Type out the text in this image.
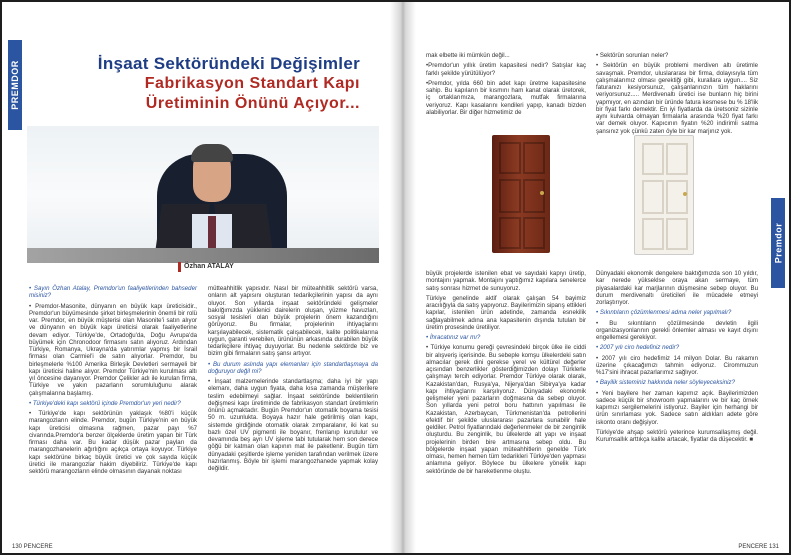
PREMDOR
Premdor
İnşaat Sektöründeki Değişimler
Fabrikasyon Standart Kapı
Üretiminin Önünü Açıyor...
Özhan ATALAY

• Sayın Özhan Atalay, Premdor'un faaliyetlerinden bahseder misiniz?

• Premdor-Masonite, dünyanın en büyük kapı üreticisidir., Premdor'un büyümesinde şirket birleşmelerinin önemli bir rolü var. Premdor, en büyük müşterisi olan Masonite'i satın alıyor ve dünyanın en büyük kapı üreticisi olarak faaliyetlerine devam ediyor. Türkiye'de, Ortadoğu'da, Doğu Avrupa'da büyümek için Chronodoor firmasını satın alıyoruz. Ardından Türkiye, Romanya, Ukrayna'da yatırımlar yapmış bir İsrail firması olan Carmiel'i de satın alıyorlar. Premdor, bu birleşmelerle %100 Amerika Birleşik Devletleri sermayeli bir kapı üreticisi haline alıyor. Premdor Türkiye'nin kurulması altı yıl öncesine dayanıyor. Premdor Çelikler adı ile kurulan firma, Türkiye ve yakın pazarların sorumluluğunu alarak çalışmalarına başlamış.

• Türkiye'deki kapı sektörü içinde Premdor'un yeri nedir?

• Türkiye'de kapı sektörünün yaklaşık %80'i küçük marangozların elinde. Premdor, bugün Türkiye'nin en büyük kapı üreticisi olmasına rağmen, pazar payı %7 civarında.Premdor'a benzer ölçeklerde üretim yapan bir Türk firması daha var. Bu kadar düşük pazar payları da marangozhanelerin ağırlığını açıkça ortaya koyuyor. Türkiye kapı sektörüne birkaç büyük üretici ve çok sayıda küçük üretici ile marangozlar hakim diyebiliriz. Türkiye'de kapı sektörü marangozların elinde olmasının dayanak noktası

mütteahhitlik yapısıdır. Nasıl bir müteahhitlik sektörü varsa, onların alt yapısını oluşturan tedarikçilerinin yapısı da aynı oluyor. Son yıllarda inşaat sektöründeki gelişmeler bakılğımızda yüklenici dairelerin oluşan, yüzme havuzları, sosyal tesisleri olan büyük projelerin önem kazandığını görüyoruz. Bu firmalar, projelerinin ihtiyaçlarını karşılayabilecek, sistematik çalışabilecek, kalite politikalarına uygun, garanti verebilen, ürününün arkasında durabilen büyük tedarikçilere ihtiyaç duyuyorlar. Bu nedenle sektörde biz ve bizim gibi firmaların satış şansı artıyor.

• Bu durum aslında yapı elemanları için standartlaşmaya da doğuruyor değil mi?

• İnşaat malzemelerinde standartlaşma; daha iyi bir yapı elemanı, daha uygun fiyata, daha kısa zamanda müşterilere teslim edebilmeyi sağlar. İnşaat sektöründe beklentilerin değişmesi kapı üretiminde de fabrikasyon standart üretimlerin önünü açmaktadır. Bugün Premdor'un otomatik boyama tesisi 50 m. uzunlukta. Boyaya hazır hale getirilmiş olan kapı, sistemde girdiğinde otomatik olarak zımparalanır, iki kat su bazlı özel UV pigmenti ile boyanır, frenlanıp kurutulur ve devamında beş ayrı UV işleme tabi tutularak hem son derece göğü bir katman olan kapının mat ile paketlenir. Bugün tüm dünyadaki çeşitlerde işleme yeniden tarafından verilmek üzere hazırlanmış. Böyle bir işlemi marangozhanede yapmak kolay değildir.

mak elbette iki mümkün değil...

•Premdor'un yıllık üretim kapasitesi nedir? Satışlar kaç farklı şekilde yürütülüyor?

•Premdor, yılda 660 bin adet kapı üretme kapasitesine sahip. Bu kapıların bir kısmını ham kanat olarak üretorek, iç ortaklarımıza, marangozlara, mutfak firmalarına veriyoruz. Kapı kasalarını kendileri yapıp, kanadı bizden alabiliyorlar. Bir diğer hizmetimiz de

• Sektörün sorunları neler?

• Sektörün en büyük problemi merdiven altı üretimle savaşmak. Premdor, uluslararası bir firma, dolayısıyla tüm çalışmalarımız olması gerektiği gibi, kurallara uygun.... Siz faturanızı kesiyorsunuz, çalışanlarınızın tüm haklarını veriyorsunuz..... Merdivenaltı üretici ise bunların hiç birini yapmıyor, en azından bir üründe fatura kesmese bu % 18'lik bir fiyat farkı demektir. En iyi fiyatlarda da üretsoniz sizinle aynı kulvarda olmayan firmalarla arasında %20 fiyat farkı var demek oluyor. Kapıcının fiyatın %20 indirimli satma şansınız yok çünkü zaten öyle bir kar marjınız yok.

büyük projelerde istenilen ebat ve sayıdaki kapıyı üretip, montajını yapmak. Montajını yaptığımız kapılara senelerce satış sonrası hizmet de sunuyoruz.

Türkiye genelinde aktif olarak çalışan 54 bayimiz aracılığıyla da satış yapıyoruz. Bayilerimizin siparış ettikleri kapılar, istenilen ürün adetinde, zamanda esnekilik sağlayabilmek adına ana kapasitenin dışında tutulan bir üretim prosesinde üretiliyor.

• İhracatınız var mı?

• Türkiye konumu gereği çevresindeki birçok ülke ile ciddi bir alışveriş içerisinde. Bu sebeple komşu ülkelerdeki satın almacılar gerek dini gerekse yerel ve kültürel değerler açısından benzerlikler gösterdiğimizden dolayı Türklerle çalışmayı tercih ediyorlar. Premdor Türkiye olarak olarak, Kazakistan'dan, Rusya'ya, Nijerya'dan Sibirya'ya kadar kapı ihtiyaçlarını karşılıyoruz. Dünyadaki ekonomik gelişmeler yeni pazarların doğmasına da sebep oluyor. Son yıllarda yeni petrol boru hattının yapılması ile Kazakistan, Azerbaycan, Türkmenistan'da petrollerini efektif bir şekilde uluslararası pazarlara sunabilir hale geldiler. Petrol fiyatlarındaki değerlenmeler de bir zenginlik oluşturdu. Bu zenginlik, bu ülkelerde alt yapı ve inşaat projelerinin birden bire artmasına sebep oldu. Bu bölgelerde inşaat yapan müteahhitlerin genelde Türk olması, hemen hemen tüm tedarikleri Türkiye'den yapması anlamına geliyor. Böylece bu ülkelere yönelik kapı sektöründe de bir hareketlenme oluştu.

Dünyadaki ekonomik dengelere baktığımızda son 10 yıldır, kar nerede yükseklse oraya akan sermaye, tüm piyasalardaki kar marjlarının düşmesine sebep oluyor. Bu durum merdivenaltı üreticileri ile mücadele etmeyi zorlaştırıyor.

• Sıkıntıların çözümlenmesi adına neler yapılmalı?

• Bu sıkıntıların çözülmesinde devletin ilgili organizasyonlarının gerekli önlemler alması ve kayıt dışını engellemesi gerekiyor.

• 2007 yılı ciro hedefiniz nedir?

• 2007 yılı ciro hedefimiz 14 milyon Dolar. Bu rakamın üzerine çıkacağımızı tahmin ediyoruz. Cirommuzun %17'sini ihracat pazarlarımız sağlıyor.

• Bayilik sisteminiz hakkında neler söyleyeceksiniz?

• Yeni bayilere her zaman kapımız açık. Bayilerimizden sadece küçük bir showroom yapmalarını ve bir kaç örnek kapımızı sergilemelerini istiyoruz. Bayiler için herhangi bir ürün sınırlaması yok. Sadece satın aldıkları adete göre iskonto oranı değişiyor.

Türkiye'de ahşap sektörü yeterince kurumsallaşmış değil. Kurumsallık arttıkça kalite artacak, fiyatlar da düşecektir. ■

130 PENCERE	PENCERE 131
